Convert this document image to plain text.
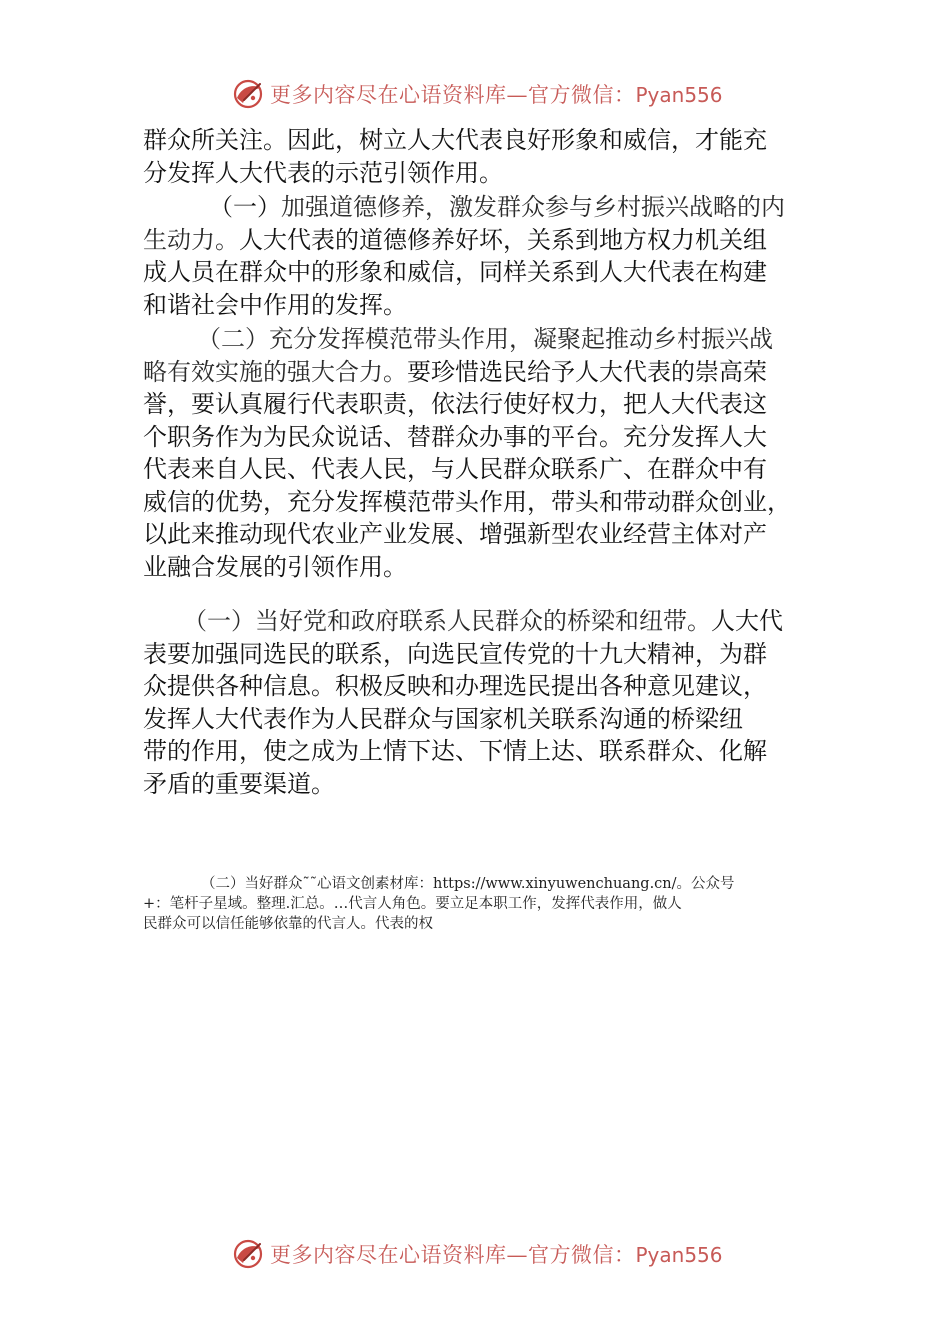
更多内容尽在心语资料库—官方微信：Pyan556

群众所关注。因此，树立人大代表良好形象和威信，才能充
分发挥人大代表的示范引领作用。

（一）加强道德修养，激发群众参与乡村振兴战略的内
生动力。人大代表的道德修养好坏，关系到地方权力机关组
成人员在群众中的形象和威信，同样关系到人大代表在构建
和谐社会中作用的发挥。

（二）充分发挥模范带头作用，凝聚起推动乡村振兴战
略有效实施的强大合力。要珍惜选民给予人大代表的崇高荣
誉，要认真履行代表职责，依法行使好权力，把人大代表这
个职务作为为民众说话、替群众办事的平台。充分发挥人大
代表来自人民、代表人民，与人民群众联系广、在群众中有
威信的优势，充分发挥模范带头作用，带头和带动群众创业，
以此来推动现代农业产业发展、增强新型农业经营主体对产
业融合发展的引领作用。

（一）当好党和政府联系人民群众的桥梁和纽带。人大代
表要加强同选民的联系，向选民宣传党的十九大精神，为群
众提供各种信息。积极反映和办理选民提出各种意见建议，
发挥人大代表作为人民群众与国家机关联系沟通的桥梁纽
带的作用，使之成为上情下达、下情上达、联系群众、化解
矛盾的重要渠道。

（二）当好群众˜˜心语文创素材库：https://www.xinyuwenchuang.cn/。公众号
+：笔杆子星域。整理.汇总。…代言人角色。要立足本职工作，发挥代表作用，做人
民群众可以信任能够依靠的代言人。代表的权
更多内容尽在心语资料库—官方微信：Pyan556
